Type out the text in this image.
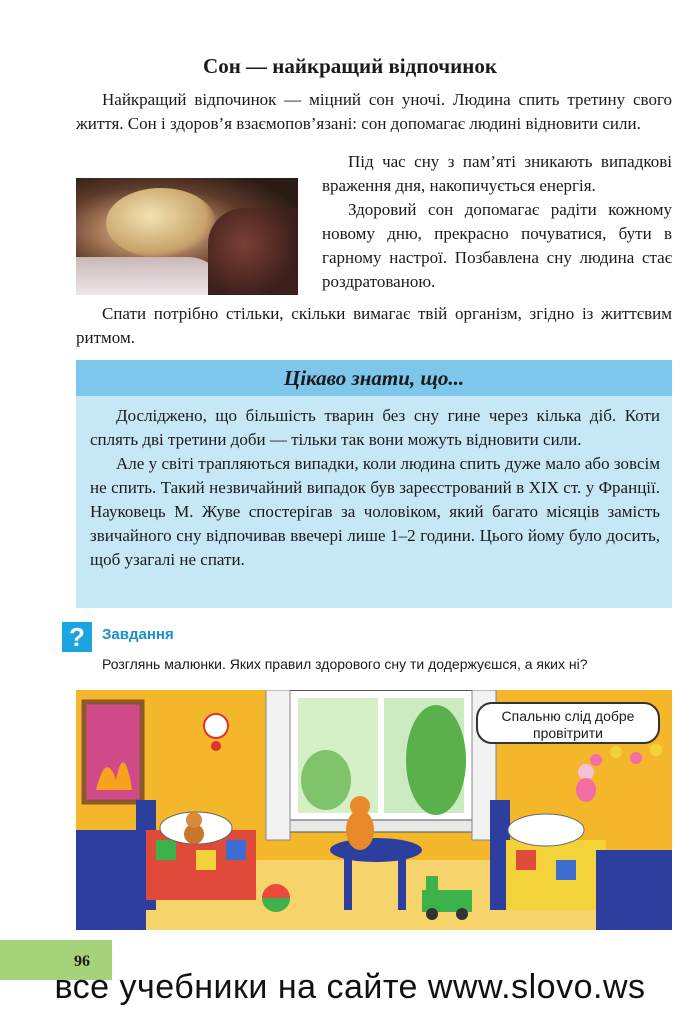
Сон — найкращий відпочинок

Найкращий відпочинок — міцний сон уночі. Людина спить третину свого життя. Сон і здоров’я взаємопов’язані: сон допомагає людині відновити сили.

Під час сну з пам’яті зникають випадкові враження дня, накопичується енергія.

Здоровий сон допомагає радіти кожному новому дню, прекрасно почуватися, бути в гарному настрої. Позбавлена сну людина стає роздратованою.

Спати потрібно стільки, скільки вимагає твій організм, згідно із життєвим ритмом.

Цікаво знати, що...

Досліджено, що більшість тварин без сну гине через кілька діб. Коти сплять дві третини доби — тільки так вони можуть відновити сили.

Але у світі трапляються випадки, коли людина спить дуже мало або зовсім не спить. Такий незвичайний випадок був зареєстрований в XIX ст. у Франції. Науковець М. Жуве спостерігав за чоловіком, який багато місяців замість звичайного сну відпочивав ввечері лише 1–2 години. Цього йому було досить, щоб узагалі не спати.

?	Завдання
Розглянь малюнки. Яких правил здорового сну ти додержуєшся, а яких ні?
Спальню слід добре провітрити
96
все учебники на сайте www.slovo.ws
